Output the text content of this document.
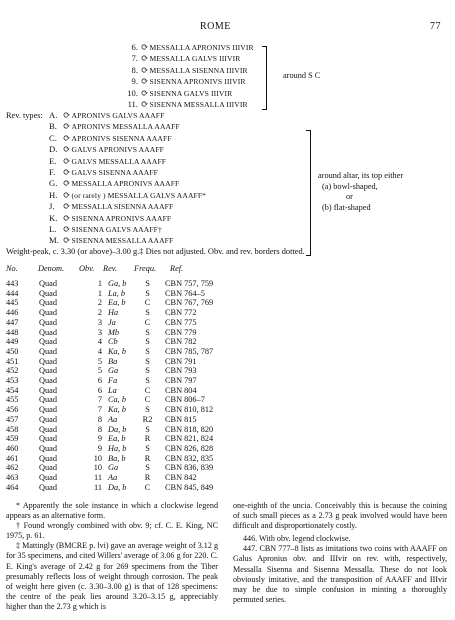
ROME	77
6. ⟳MESSALLA APRONIVS IIIVIR
7. ⟳MESSALLA GALVS IIIVIR
8. ⟳MESSALLA SISENNA IIIVIR
9. ⟳SISENNA APRONIVS IIIVIR
10. ⟳SISENNA GALVS IIIVIR
11. ⟳SISENNA MESSALLA IIIVIR
around S C
Rev. types: A. ⟳APRONIVS GALVS AAAFF
B. ⟳APRONIVS MESSALLA AAAFF
C. ⟳APRONIVS SISENNA AAAFF
D. ⟳GALVS APRONIVS AAAFF
E. ⟳GALVS MESSALLA AAAFF
F. ⟳GALVS SISENNA AAAFF
G. ⟳MESSALLA APRONIVS AAAFF
H. ⟳(or rarely ) MESSALLA GALVS AAAFF*
J. ⟳MESSALLA SISENNA AAAFF
K. ⟳SISENNA APRONIVS AAAFF
L. ⟳SISENNA GALVS AAAFF†
M. ⟳SISENNA MESSALLA AAAFF
around altar, its top either
(a) bowl-shaped,
or
(b) flat-shaped
Weight-peak, c. 3.30 (or above)–3.00 g.‡ Dies not adjusted. Obv. and rev. borders dotted.
No. Denom. Obv. Rev. Frequ. Ref.
443	Quad	1	Ga, b	S	CBN 757, 759
444	Quad	1	La, b	S	CBN 764–5
445	Quad	2	Ea, b	C	CBN 767, 769
446	Quad	2	Ha	S	CBN 772
447	Quad	3	Ja	C	CBN 775
448	Quad	3	Mb	S	CBN 779
449	Quad	4	Cb	S	CBN 782
450	Quad	4	Ka, b	S	CBN 785, 787
451	Quad	5	Ba	S	CBN 791
452	Quad	5	Ga	S	CBN 793
453	Quad	6	Fa	S	CBN 797
454	Quad	6	La	C	CBN 804
455	Quad	7	Ca, b	C	CBN 806–7
456	Quad	7	Ka, b	S	CBN 810, 812
457	Quad	8	Aa	R2	CBN 815
458	Quad	8	Da, b	S	CBN 818, 820
459	Quad	9	Ea, b	R	CBN 821, 824
460	Quad	9	Ha, b	S	CBN 826, 828
461	Quad	10	Ba, b	R	CBN 832, 835
462	Quad	10	Ga	S	CBN 836, 839
463	Quad	11	Aa	R	CBN 842
464	Quad	11	Da, b	C	CBN 845, 849

* Apparently the sole instance in which a clockwise legend appears as an alternative form.

† Found wrongly combined with obv. 9; cf. C. E. King, NC 1975, p. 61.

‡ Mattingly (BMCRE p. lvi) gave an average weight of 3.12 g for 35 specimens, and cited Willers' average of 3.06 g for 220. C. E. King's average of 2.42 g for 269 specimens from the Tiber presumably reflects loss of weight through corrosion. The peak of weight here given (c. 3.30–3.00 g) is that of 128 specimens: the centre of the peak lies around 3.20–3.15 g, appreciably higher than the 2.73 g which is

one-eighth of the uncia. Conceivably this is because the coining of such small pieces as a 2.73 g peak involved would have been difficult and disproportionately costly.

446. With obv. legend clockwise.

447. CBN 777–8 lists as imitations two coins with AAAFF on Galus Apronius obv. and IIIvir on rev. with, respectively, Messalla Sisenna and Sisenna Messalla. These do not look obviously imitative, and the transposition of AAAFF and IIIvir may be due to simple confusion in minting a thoroughly permuted series.
